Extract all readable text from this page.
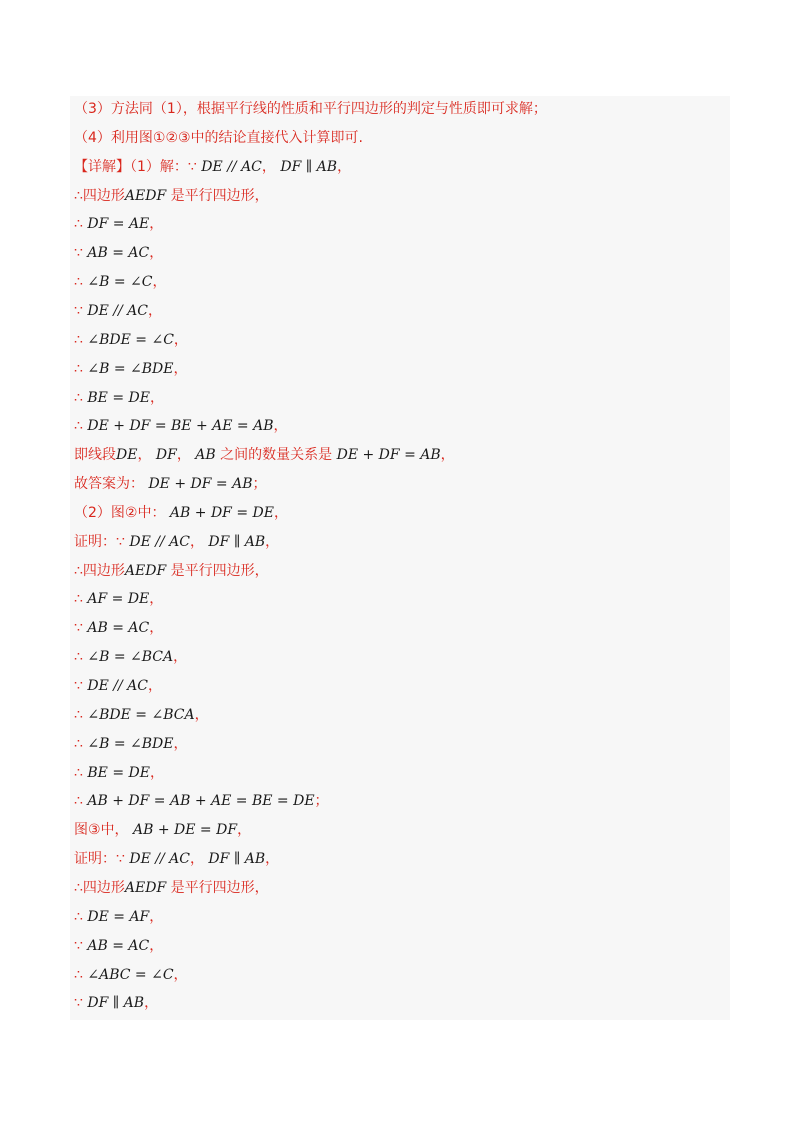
（3）方法同（1），根据平行线的性质和平行四边形的判定与性质即可求解；
（4）利用图①②③中的结论直接代入计算即可.
【详解】（1）解：∵ DE // AC， DF ∥ AB，
∴四边形AEDF 是平行四边形，
∴ DF = AE，
∵ AB = AC，
∴ ∠B = ∠C，
∵ DE // AC，
∴ ∠BDE = ∠C，
∴ ∠B = ∠BDE，
∴ BE = DE，
∴ DE + DF = BE + AE = AB，
即线段DE， DF， AB 之间的数量关系是 DE + DF = AB，
故答案为： DE + DF = AB；
（2）图②中： AB + DF = DE，
证明：∵ DE // AC， DF ∥ AB，
∴四边形AEDF 是平行四边形，
∴ AF = DE，
∵ AB = AC，
∴ ∠B = ∠BCA，
∵ DE // AC，
∴ ∠BDE = ∠BCA，
∴ ∠B = ∠BDE，
∴ BE = DE，
∴ AB + DF = AB + AE = BE = DE；
图③中， AB + DE = DF，
证明：∵ DE // AC， DF ∥ AB，
∴四边形AEDF 是平行四边形，
∴ DE = AF，
∵ AB = AC，
∴ ∠ABC = ∠C，
∵ DF ∥ AB，
